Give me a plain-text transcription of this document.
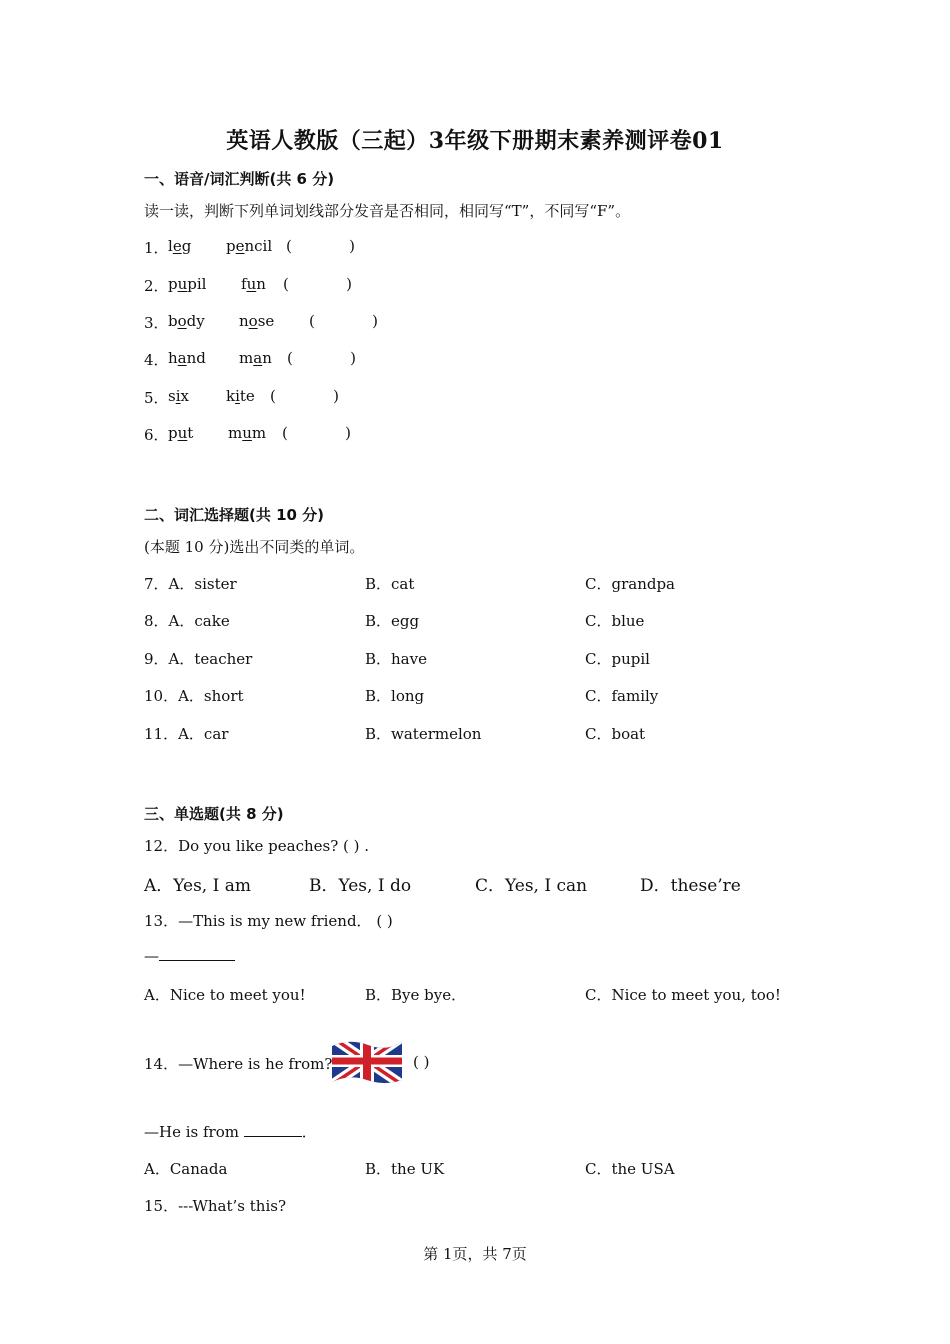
英语人教版（三起）3年级下册期末素养测评卷01
一、语音/词汇判断(共 6 分)
读一读，判断下列单词划线部分发音是否相同，相同写“T”，不同写“F”。
1． leg pencil (            )
2． pupil fun (            )
3． body nose (            )
4． hand man (            )
5． six kite (            )
6． put mum (            )
二、词汇选择题(共 10 分)
(本题 10 分)选出不同类的单词。
7．A．sister	B．cat	C．grandpa
8．A．cake	B．egg	C．blue
9．A．teacher	B．have	C．pupil
10．A．short	B．long	C．family
11．A．car	B．watermelon	C．boat
三、单选题(共 8 分)
12．Do you like peaches? ( ) .
A．Yes, I am	B．Yes, I do	C．Yes, I can	D．these’re
13．—This is my new friend． ( )
—
A．Nice to meet you!	B．Bye bye．	C．Nice to meet you, too!
14．—Where is he from?	( )
—He is from	．
A．Canada	B．the UK	C．the USA
15．---What’s this?
第 1页，共 7页
